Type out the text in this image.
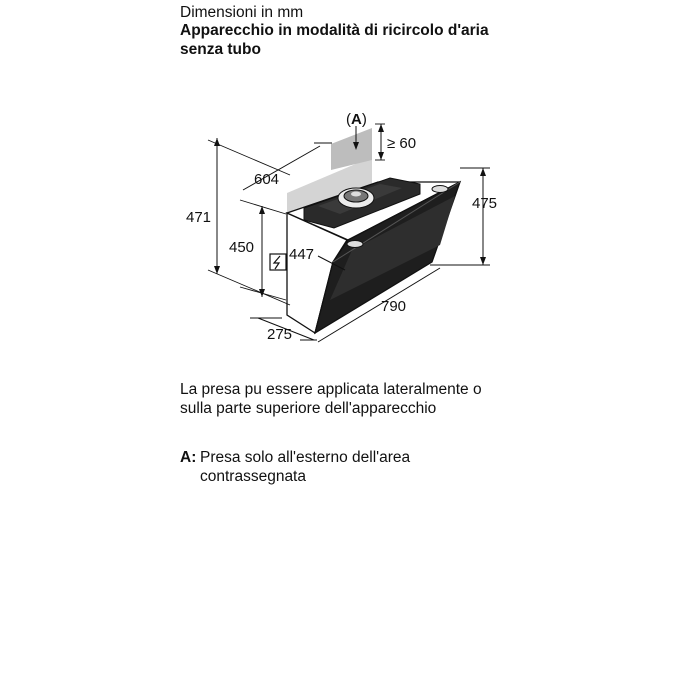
(A)
≥ 60
604
471
450 447
475
790
275

Dimensioni in mm

Apparecchio in modalità di ricircolo d'aria
senza tubo

La presa pu essere applicata lateralmente o
sulla parte superiore dell'apparecchio

A: Presa solo all'esterno dell'area
contrassegnata
